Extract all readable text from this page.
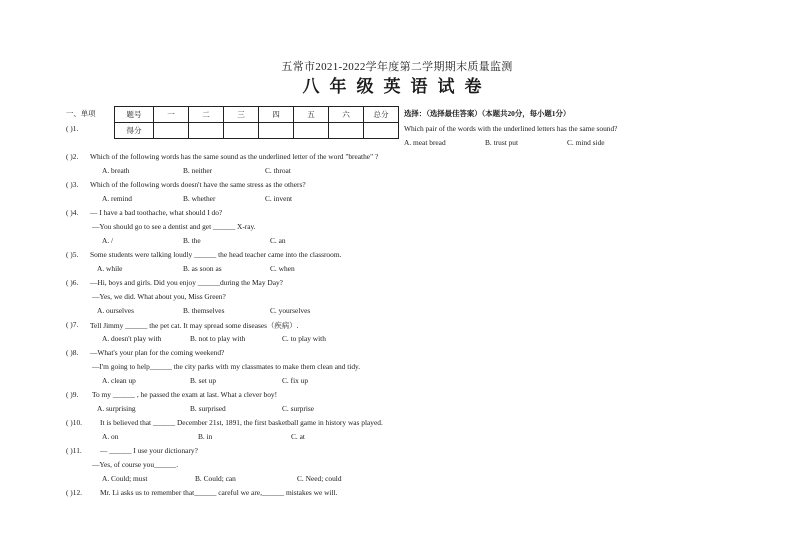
五常市2021-2022学年度第二学期期末质量监测
八年级英语试卷
一、单项	题号	一	二	三	四	五	六	总分
得分							
选择：（选择最佳答案）（本题共20分，每小题1分）
Which pair of the words with the underlined letters has the same sound?
A. meat bread	B. trust put	C. mind side
( )1.
( )2. Which of the following words has the same sound as the underlined letter of the word "breathe" ?
A. breath	B. neither	C. throat
( )3. Which of the following words doesn't have the same stress as the others?
A. remind	B. whether	C. invent
( )4. — I have a bad toothache, what should I do?
—You should go to see a dentist and get ______ X-ray.
A. /	B. the	C. an
( )5. Some students were talking loudly ______ the head teacher came into the classroom.
A. while	B. as soon as	C. when
( )6. —Hi, boys and girls. Did you enjoy ______during the May Day?
—Yes, we did. What about you, Miss Green?
A. ourselves	B. themselves	C. yourselves
( )7. Tell Jimmy ______ the pet cat. It may spread some diseases（疾病）.
A. doesn't play with	B. not to play with	C. to play with
( )8. —What's your plan for the coming weekend?
—I'm going to help______ the city parks with my classmates to make them clean and tidy.
A. clean up	B. set up	C. fix up
( )9. To my ______ , he passed the exam at last. What a clever boy!
A. surprising	B. surprised	C. surprise
( )10. It is believed that ______ December 21st, 1891, the first basketball game in history was played.
A. on	B. in	C. at
( )11. — ______ I use your dictionary?
—Yes, of course you______.
A. Could; must	B. Could; can	C. Need; could
( )12. Mr. Li asks us to remember that______ careful we are,______ mistakes we will.
